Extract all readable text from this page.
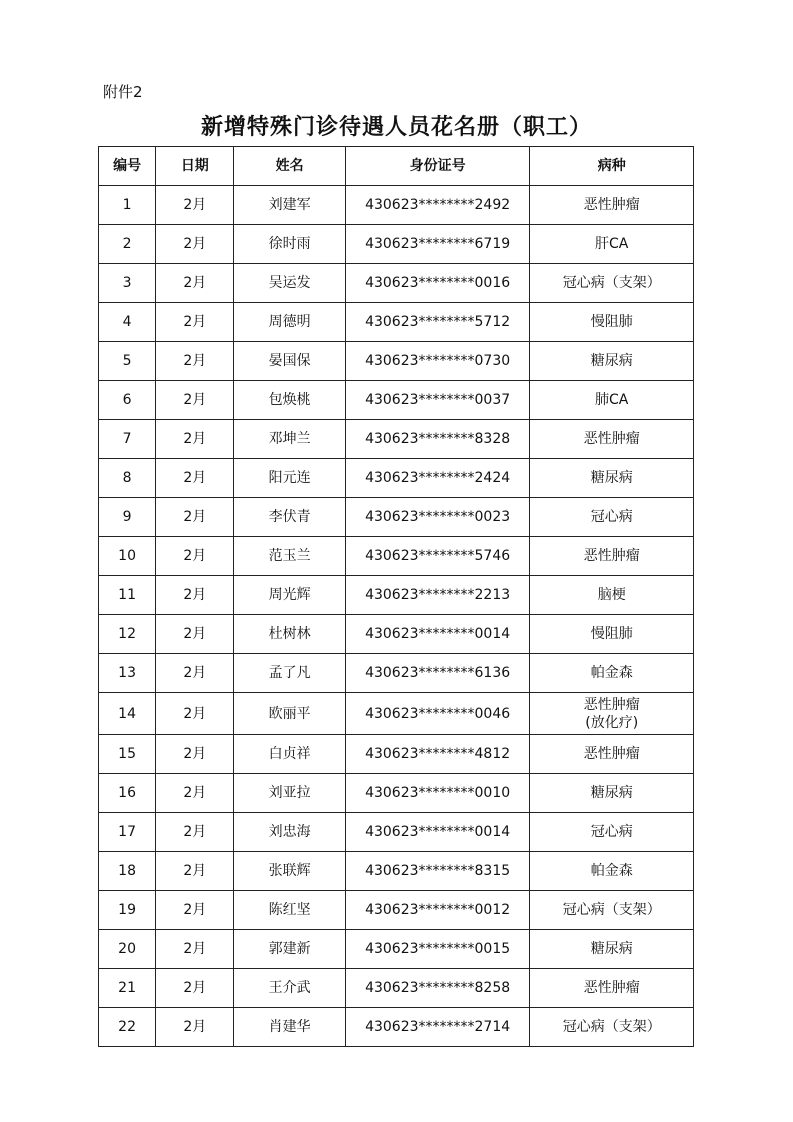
附件2
新增特殊门诊待遇人员花名册（职工）
编号	日期	姓名	身份证号	病种
1	2月	刘建军	430623********2492	恶性肿瘤

2	2月	徐时雨	430623********6719	肝CA

3	2月	吴运发	430623********0016	冠心病（支架）

4	2月	周德明	430623********5712	慢阻肺

5	2月	晏国保	430623********0730	糖尿病

6	2月	包焕桃	430623********0037	肺CA

7	2月	邓坤兰	430623********8328	恶性肿瘤

8	2月	阳元连	430623********2424	糖尿病

9	2月	李伏青	430623********0023	冠心病

10	2月	范玉兰	430623********5746	恶性肿瘤

11	2月	周光辉	430623********2213	脑梗

12	2月	杜树林	430623********0014	慢阻肺

13	2月	孟了凡	430623********6136	帕金森

14	2月	欧丽平	430623********0046	恶性肿瘤
(放化疗)

15	2月	白贞祥	430623********4812	恶性肿瘤

16	2月	刘亚拉	430623********0010	糖尿病

17	2月	刘忠海	430623********0014	冠心病

18	2月	张联辉	430623********8315	帕金森

19	2月	陈红坚	430623********0012	冠心病（支架）

20	2月	郭建新	430623********0015	糖尿病

21	2月	王介武	430623********8258	恶性肿瘤

22	2月	肖建华	430623********2714	冠心病（支架）
